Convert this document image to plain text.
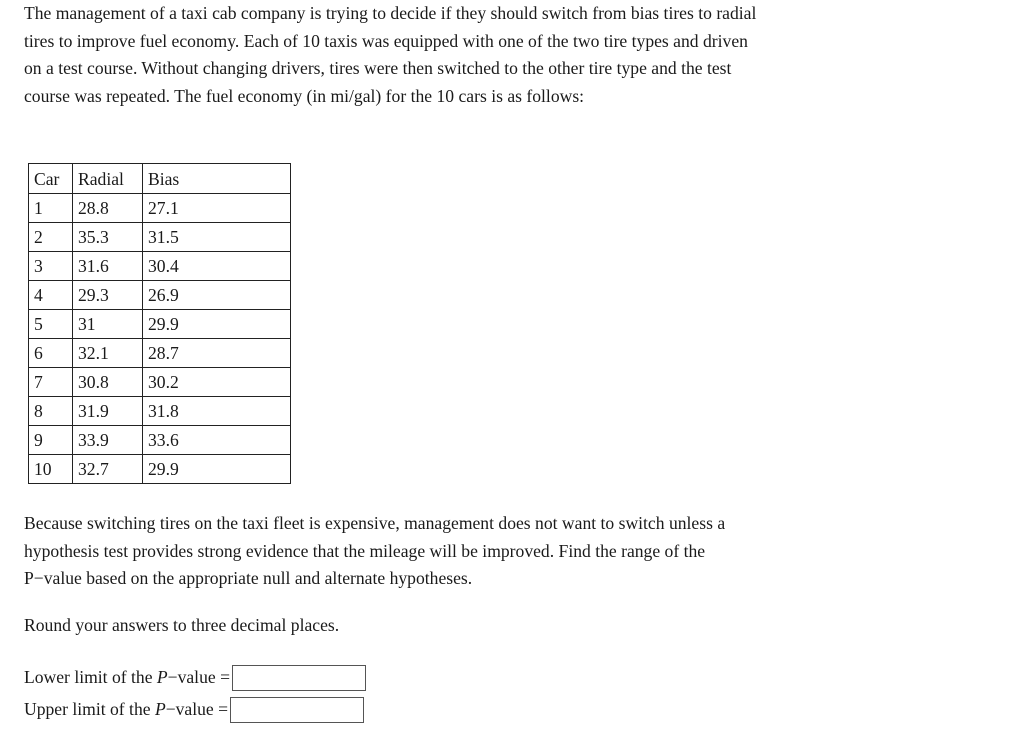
The management of a taxi cab company is trying to decide if they should switch from bias tires to radial tires to improve fuel economy. Each of 10 taxis was equipped with one of the two tire types and driven on a test course. Without changing drivers, tires were then switched to the other tire type and the test course was repeated. The fuel economy (in mi/gal) for the 10 cars is as follows:

Car	Radial	Bias
1	28.8	27.1
2	35.3	31.5
3	31.6	30.4
4	29.3	26.9
5	31	29.9
6	32.1	28.7
7	30.8	30.2
8	31.9	31.8
9	33.9	33.6
10	32.7	29.9

Because switching tires on the taxi fleet is expensive, management does not want to switch unless a hypothesis test provides strong evidence that the mileage will be improved. Find the range of the P−value based on the appropriate null and alternate hypotheses.

Round your answers to three decimal places.

Lower limit of the P −value =
Upper limit of the P −value =
